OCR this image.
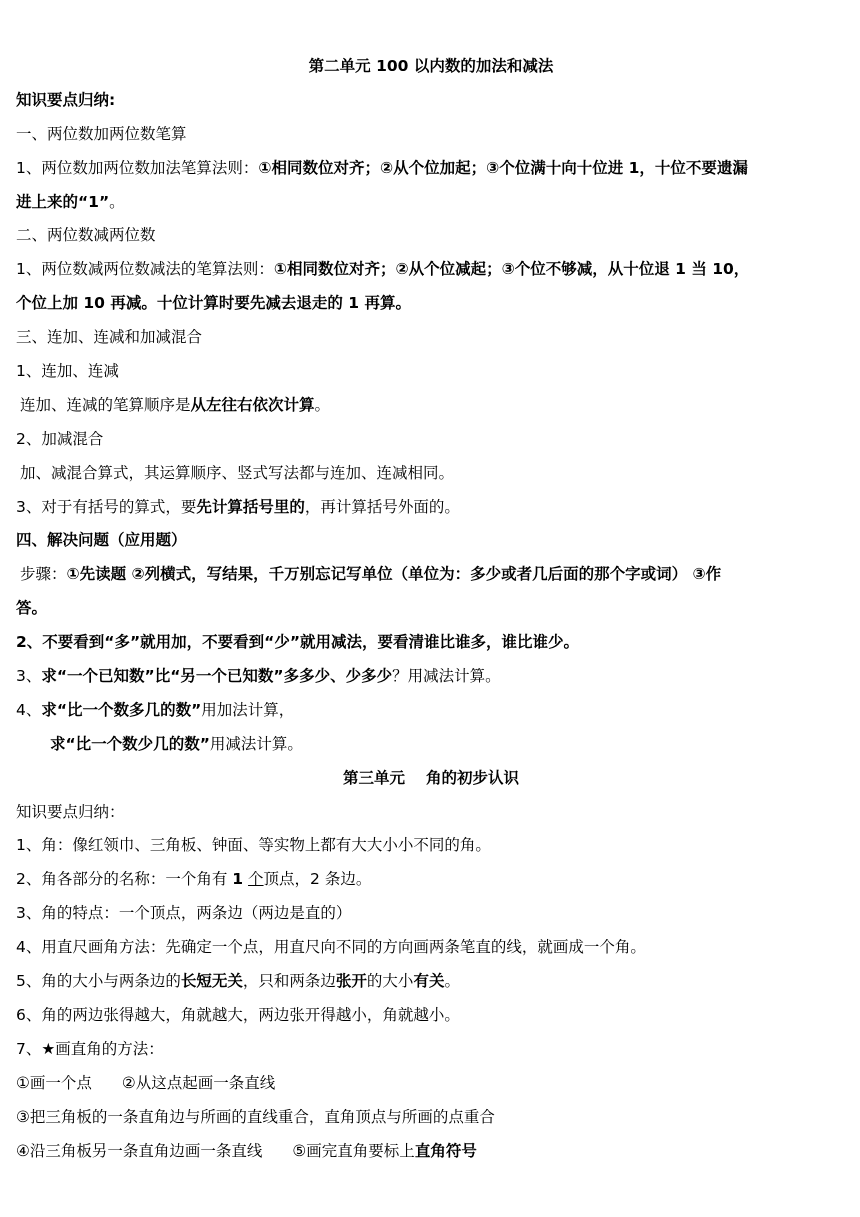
第二单元 100 以内数的加法和减法
知识要点归纳:
一、两位数加两位数笔算
1、两位数加两位数加法笔算法则：①相同数位对齐；②从个位加起；③个位满十向十位进 1，十位不要遗漏
进上来的“1”。
二、两位数减两位数
1、两位数减两位数减法的笔算法则：①相同数位对齐；②从个位减起；③个位不够减，从十位退 1 当 10，
个位上加 10 再减。十位计算时要先减去退走的 1 再算。
三、连加、连减和加减混合
1、连加、连减
连加、连减的笔算顺序是从左往右依次计算。
2、加减混合
加、减混合算式，其运算顺序、竖式写法都与连加、连减相同。
3、对于有括号的算式，要先计算括号里的，再计算括号外面的。
四、解决问题（应用题）
步骤：①先读题 ②列横式，写结果，千万别忘记写单位（单位为：多少或者几后面的那个字或词） ③作
答。
2、不要看到“多”就用加，不要看到“少”就用减法，要看清谁比谁多，谁比谁少。
3、求“一个已知数”比“另一个已知数”多多少、少多少？用减法计算。
4、求“比一个数多几的数”用加法计算，
求“比一个数少几的数”用减法计算。
第三单元　 角的初步认识
知识要点归纳：
1、角：像红领巾、三角板、钟面、等实物上都有大大小小不同的角。
2、角各部分的名称：一个角有 1 个顶点，2 条边。
3、角的特点：一个顶点，两条边（两边是直的）
4、用直尺画角方法：先确定一个点，用直尺向不同的方向画两条笔直的线，就画成一个角。
5、角的大小与两条边的长短无关，只和两条边张开的大小有关。
6、角的两边张得越大，角就越大，两边张开得越小，角就越小。
7、★画直角的方法：
①画一个点 ②从这点起画一条直线
③把三角板的一条直角边与所画的直线重合，直角顶点与所画的点重合
④沿三角板另一条直角边画一条直线 ⑤画完直角要标上直角符号
